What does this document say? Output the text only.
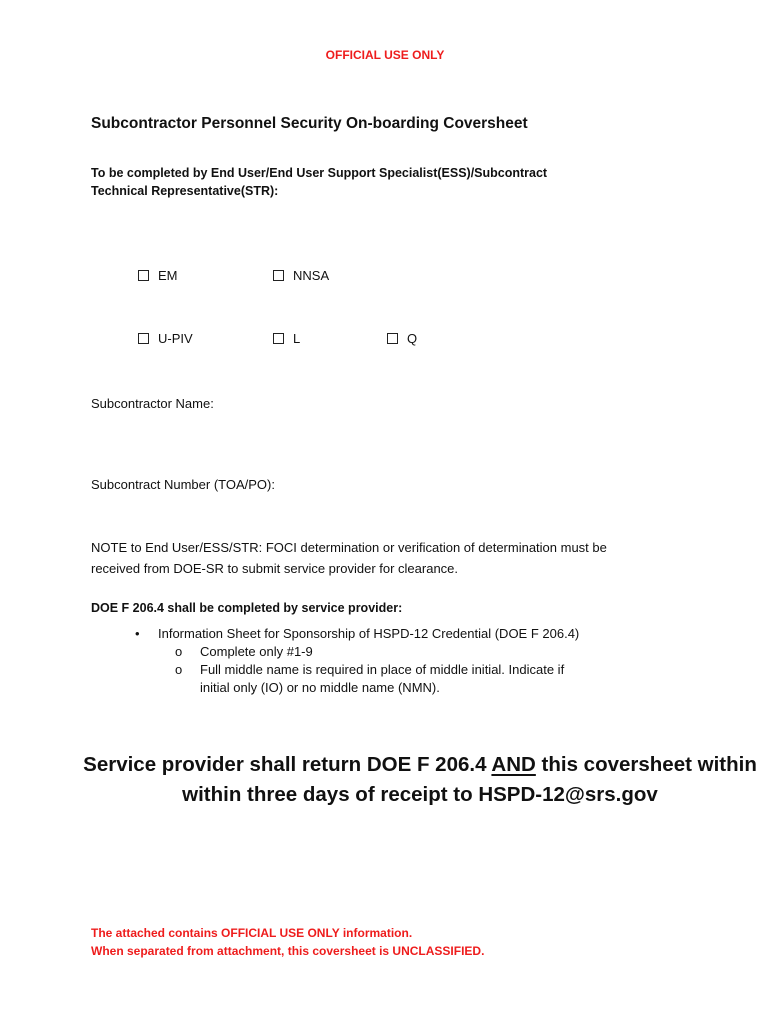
OFFICIAL USE ONLY
Subcontractor Personnel Security On-boarding Coversheet
To be completed by End User/End User Support Specialist(ESS)/Subcontract
Technical Representative(STR):
EM	NNSA
U-PIV	L	Q
Subcontractor Name:
Subcontract Number (TOA/PO):
NOTE to End User/ESS/STR: FOCI determination or verification of determination must be
received from DOE-SR to submit service provider for clearance.
DOE F 206.4 shall be completed by service provider:
•	Information Sheet for Sponsorship of HSPD-12 Credential (DOE F 206.4)
o	Complete only #1-9
o	Full middle name is required in place of middle initial. Indicate if
initial only (IO) or no middle name (NMN).
Service provider shall return DOE F 206.4 AND this coversheet within
within three days of receipt to HSPD-12@srs.gov
The attached contains OFFICIAL USE ONLY information.
When separated from attachment, this coversheet is UNCLASSIFIED.
